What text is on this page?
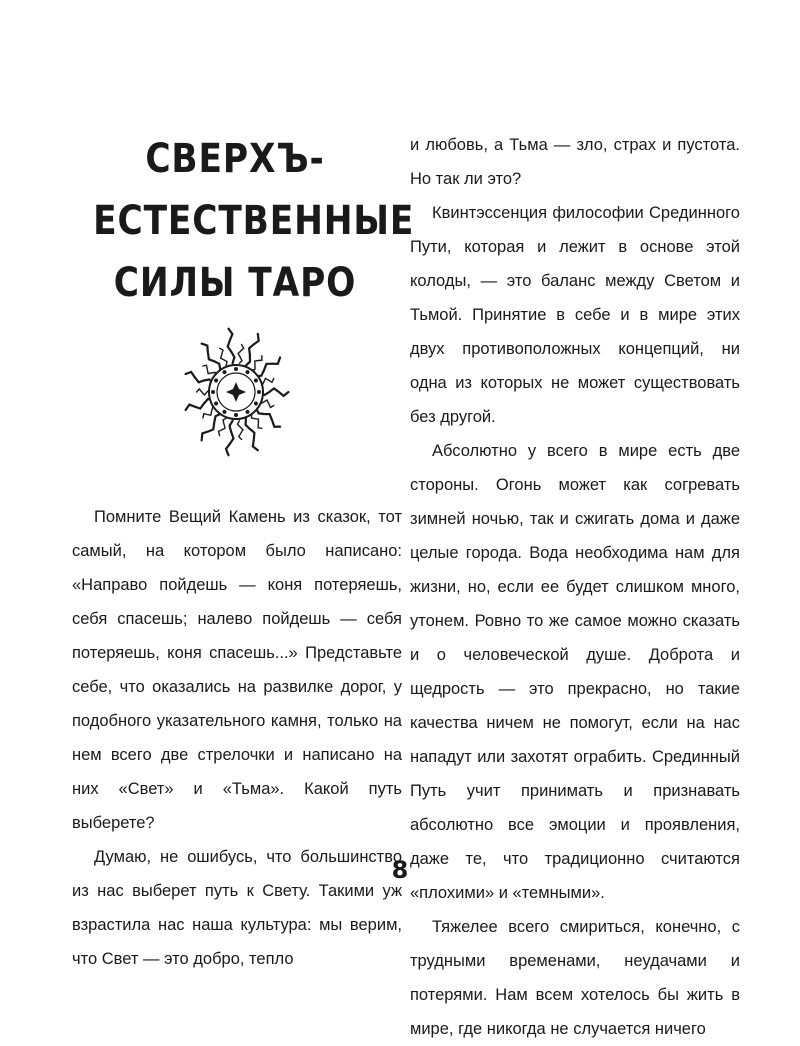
СВЕРХЪ-
ЕСТЕСТВЕННЫЕ
СИЛЫ ТАРО

Помните Вещий Камень из сказок, тот самый, на котором было написано: «Направо пойдешь — коня потеряешь, себя спасешь; налево пойдешь — себя потеряешь, коня спасешь...» Представьте себе, что оказались на развилке дорог, у подобного указательного камня, только на нем всего две стрелочки и написано на них «Свет» и «Тьма». Какой путь выберете?

Думаю, не ошибусь, что большинство из нас выберет путь к Свету. Такими уж взрастила нас наша культура: мы верим, что Свет — это добро, тепло

и любовь, а Тьма — зло, страх и пустота. Но так ли это?

Квинтэссенция философии Срединного Пути, которая и лежит в основе этой колоды, — это баланс между Светом и Тьмой. Принятие в себе и в мире этих двух противоположных концепций, ни одна из которых не может существовать без другой.

Абсолютно у всего в мире есть две стороны. Огонь может как согревать зимней ночью, так и сжигать дома и даже целые города. Вода необходима нам для жизни, но, если ее будет слишком много, утонем. Ровно то же самое можно сказать и о человеческой душе. Доброта и щедрость — это прекрасно, но такие качества ничем не помогут, если на нас нападут или захотят ограбить. Срединный Путь учит принимать и признавать абсолютно все эмоции и проявления, даже те, что традиционно считаются «плохими» и «темными».

Тяжелее всего смириться, конечно, с трудными временами, неудачами и потерями. Нам всем хотелось бы жить в мире, где никогда не случается ничего

8
